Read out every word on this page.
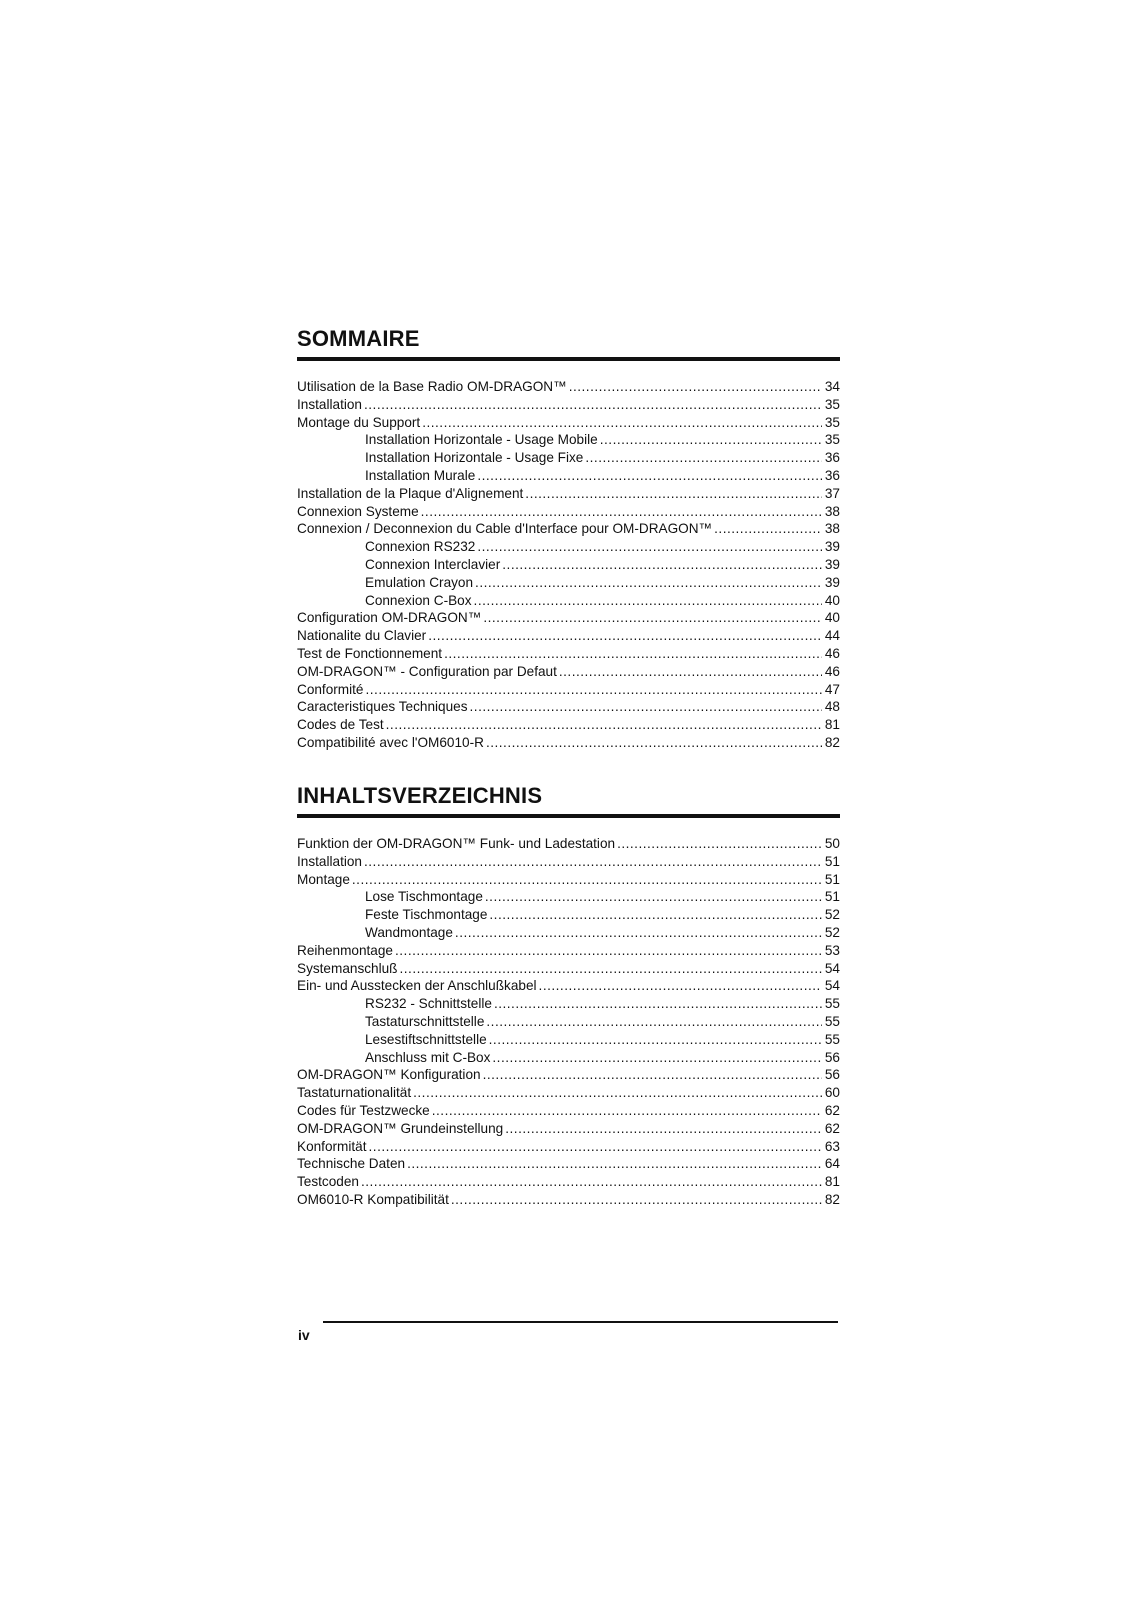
SOMMAIRE
Utilisation de la Base Radio OM-DRAGON™ .....	34
Installation .....	35
Montage du Support .....	35
Installation Horizontale - Usage Mobile .....	35
Installation Horizontale - Usage Fixe .....	36
Installation Murale .....	36
Installation de la Plaque d'Alignement .....	37
Connexion Systeme .....	38
Connexion / Deconnexion du Cable d'Interface pour OM-DRAGON™ .....	38
Connexion RS232 .....	39
Connexion Interclavier .....	39
Emulation Crayon .....	39
Connexion C-Box .....	40
Configuration OM-DRAGON™ .....	40
Nationalite du Clavier .....	44
Test de Fonctionnement .....	46
OM-DRAGON™ - Configuration par Defaut .....	46
Conformité .....	47
Caracteristiques Techniques .....	48
Codes de Test .....	81
Compatibilité avec l'OM6010-R .....	82
INHALTSVERZEICHNIS
Funktion der OM-DRAGON™ Funk- und Ladestation .....	50
Installation .....	51
Montage .....	51
Lose Tischmontage .....	51
Feste Tischmontage .....	52
Wandmontage .....	52
Reihenmontage .....	53
Systemanschluß .....	54
Ein- und Ausstecken der Anschlußkabel .....	54
RS232 - Schnittstelle .....	55
Tastaturschnittstelle .....	55
Lesestiftschnittstelle .....	55
Anschluss mit C-Box .....	56
OM-DRAGON™ Konfiguration .....	56
Tastaturnationalität .....	60
Codes für Testzwecke .....	62
OM-DRAGON™ Grundeinstellung .....	62
Konformität .....	63
Technische Daten .....	64
Testcoden .....	81
OM6010-R Kompatibilität .....	82
iv
